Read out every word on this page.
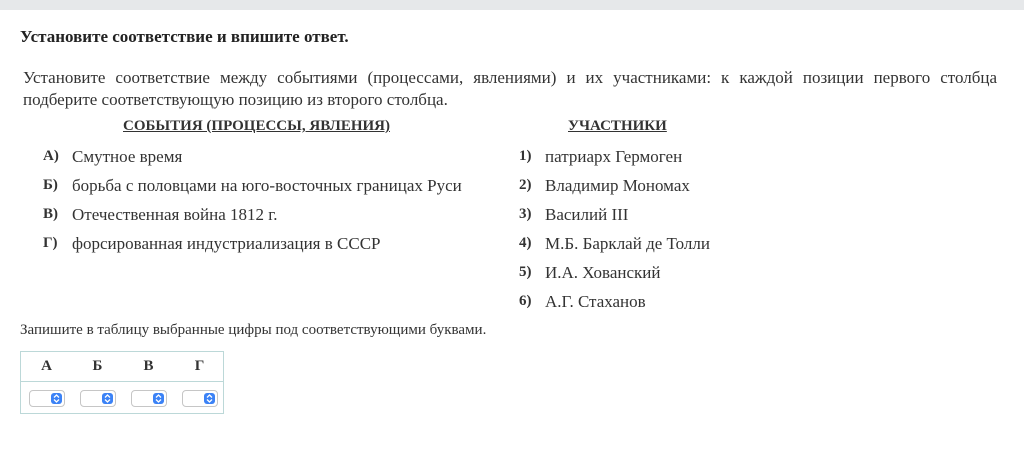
Установите соответствие и впишите ответ.
Установите соответствие между событиями (процессами, явлениями) и их участниками: к каждой позиции первого столбца подберите соответствующую позицию из второго столбца.
СОБЫТИЯ (ПРОЦЕССЫ, ЯВЛЕНИЯ)	УЧАСТНИКИ
А) Смутное время
Б) борьба с половцами на юго-восточных границах Руси
В) Отечественная война 1812 г.
Г) форсированная индустриализация в СССР
1) патриарх Гермоген
2) Владимир Мономах
3) Василий III
4) М.Б. Барклай де Толли
5) И.А. Хованский
6) А.Г. Стаханов
Запишите в таблицу выбранные цифры под соответствующими буквами.
А	Б	В	Г
